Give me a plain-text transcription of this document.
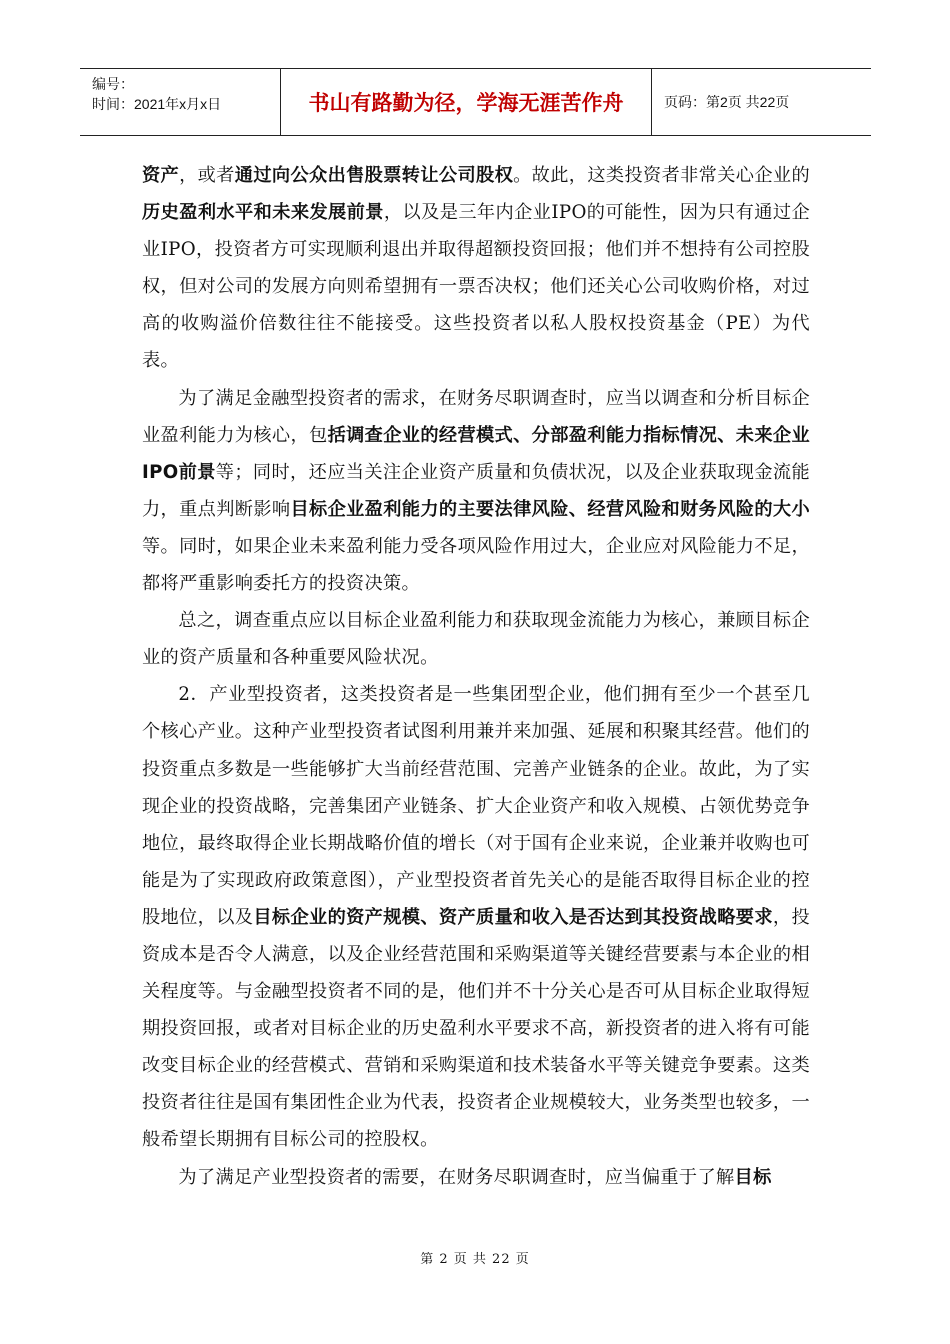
编号：
时间：2021年x月x日	书山有路勤为径，学海无涯苦作舟	页码：第2页 共22页

资产，或者通过向公众出售股票转让公司股权。故此，这类投资者非常关心企业的历史盈利水平和未来发展前景，以及是三年内企业IPO的可能性，因为只有通过企业IPO，投资者方可实现顺利退出并取得超额投资回报；他们并不想持有公司控股权，但对公司的发展方向则希望拥有一票否决权；他们还关心公司收购价格，对过高的收购溢价倍数往往不能接受。这些投资者以私人股权投资基金（PE）为代表。

为了满足金融型投资者的需求，在财务尽职调查时，应当以调查和分析目标企业盈利能力为核心，包括调查企业的经营模式、分部盈利能力指标情况、未来企业IPO前景等；同时，还应当关注企业资产质量和负债状况，以及企业获取现金流能力，重点判断影响目标企业盈利能力的主要法律风险、经营风险和财务风险的大小等。同时，如果企业未来盈利能力受各项风险作用过大，企业应对风险能力不足，都将严重影响委托方的投资决策。

总之，调查重点应以目标企业盈利能力和获取现金流能力为核心，兼顾目标企业的资产质量和各种重要风险状况。

2．产业型投资者，这类投资者是一些集团型企业，他们拥有至少一个甚至几个核心产业。这种产业型投资者试图利用兼并来加强、延展和积聚其经营。他们的投资重点多数是一些能够扩大当前经营范围、完善产业链条的企业。故此，为了实现企业的投资战略，完善集团产业链条、扩大企业资产和收入规模、占领优势竞争地位，最终取得企业长期战略价值的增长（对于国有企业来说，企业兼并收购也可能是为了实现政府政策意图），产业型投资者首先关心的是能否取得目标企业的控股地位，以及目标企业的资产规模、资产质量和收入是否达到其投资战略要求，投资成本是否令人满意，以及企业经营范围和采购渠道等关键经营要素与本企业的相关程度等。与金融型投资者不同的是，他们并不十分关心是否可从目标企业取得短期投资回报，或者对目标企业的历史盈利水平要求不高，新投资者的进入将有可能改变目标企业的经营模式、营销和采购渠道和技术装备水平等关键竞争要素。这类投资者往往是国有集团性企业为代表，投资者企业规模较大，业务类型也较多，一般希望长期拥有目标公司的控股权。

为了满足产业型投资者的需要，在财务尽职调查时，应当偏重于了解目标

第 2 页 共 22 页
